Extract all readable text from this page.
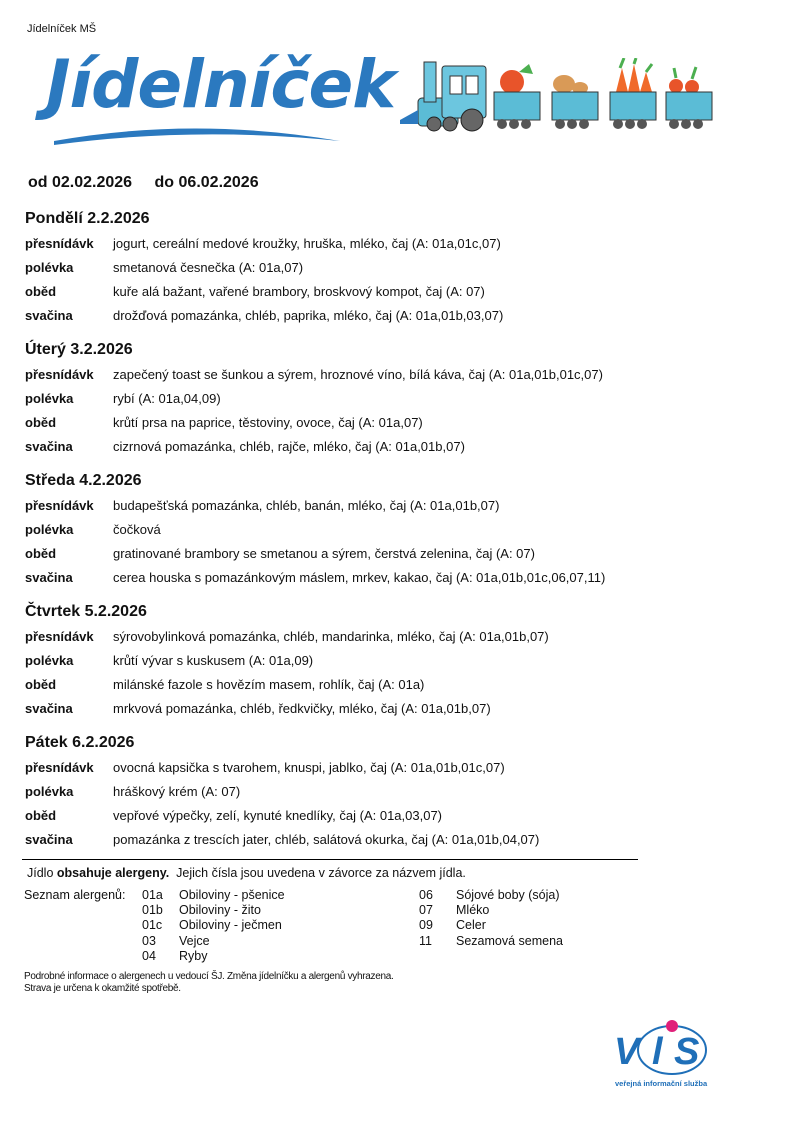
Jídelníček MŠ
Jídelníček
od 02.02.2026 do 06.02.2026
Pondělí 2.2.2026
přesnídávk	jogurt, cereální medové kroužky, hruška, mléko, čaj (A: 01a,01c,07)
polévka	smetanová česnečka (A: 01a,07)
oběd	kuře alá bažant, vařené brambory, broskvový kompot, čaj (A: 07)
svačina	drožďová pomazánka, chléb, paprika, mléko, čaj (A: 01a,01b,03,07)
Úterý 3.2.2026
přesnídávk	zapečený toast se šunkou a sýrem, hroznové víno, bílá káva, čaj (A: 01a,01b,01c,07)
polévka	rybí (A: 01a,04,09)
oběd	krůtí prsa na paprice, těstoviny, ovoce, čaj (A: 01a,07)
svačina	cizrnová pomazánka, chléb, rajče, mléko, čaj (A: 01a,01b,07)
Středa 4.2.2026
přesnídávk	budapešťská pomazánka, chléb, banán, mléko, čaj (A: 01a,01b,07)
polévka	čočková
oběd	gratinované brambory se smetanou a sýrem, čerstvá zelenina, čaj (A: 07)
svačina	cerea houska s pomazánkovým máslem, mrkev, kakao, čaj (A: 01a,01b,01c,06,07,11)
Čtvrtek 5.2.2026
přesnídávk	sýrovobylinková pomazánka, chléb, mandarinka, mléko, čaj (A: 01a,01b,07)
polévka	krůtí vývar s kuskusem (A: 01a,09)
oběd	milánské fazole s hovězím masem, rohlík, čaj (A: 01a)
svačina	mrkvová pomazánka, chléb, ředkvičky, mléko, čaj (A: 01a,01b,07)
Pátek 6.2.2026
přesnídávk	ovocná kapsička s tvarohem, knuspi, jablko, čaj (A: 01a,01b,01c,07)
polévka	hráškový krém (A: 07)
oběd	vepřové výpečky, zelí, kynuté knedlíky, čaj (A: 01a,03,07)
svačina	pomazánka z trescích jater, chléb, salátová okurka, čaj (A: 01a,01b,04,07)
Jídlo obsahuje alergeny. Jejich čísla jsou uvedena v závorce za názvem jídla.
Seznam alergenů: 01a Obiloviny - pšenice
01b Obiloviny - žito
01c Obiloviny - ječmen
03 Vejce
04 Ryby
06 Sójové boby (sója)
07 Mléko
09 Celer
11 Sezamová semena
Podrobné informace o alergenech u vedoucí ŠJ. Změna jídelníčku a alergenů vyhrazena.
Strava je určena k okamžité spotřebě.
V l S
veřejná informační služba
